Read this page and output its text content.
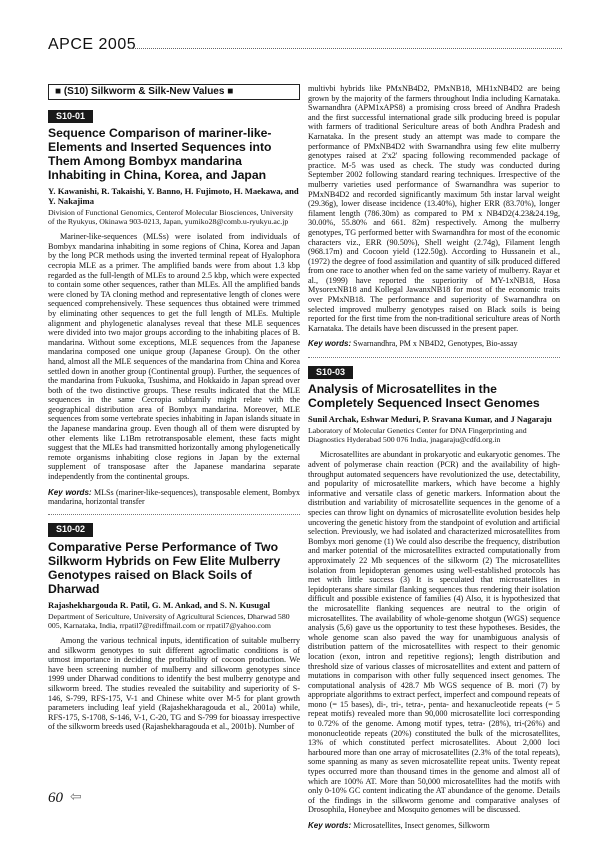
APCE 2005
■ (S10) Silkworm & Silk-New Values ■
S10-01
Sequence Comparison of mariner-like-Elements and Inserted Sequences into Them Among Bombyx mandarina Inhabiting in China, Korea, and Japan
Y. Kawanishi, R. Takaishi, Y. Banno, H. Fujimoto, H. Maekawa, and Y. Nakajima
Division of Functional Genomics, Centerof Molecular Biosciences, University of the Ryukyus, Okinawa 903-0213, Japan, yumiko28@comb.u-ryukyu.ac.jp

Mariner-like-sequences (MLSs) were isolated from individuals of Bombyx mandarina inhabiting in some regions of China, Korea and Japan by the long PCR methods using the inverted terminal repeat of Hyalophora cecropia MLE as a primer. The amplified bands were from about 1.3 kbp regarded as the full-length of MLEs to around 2.5 kbp, which were expected to contain some other sequences, rather than MLEs. All the amplified bands were cloned by TA cloning method and representative length of clones were sequenced comprehensively. These sequences thus obtained were trimmed by eliminating other sequences to get the full length of MLEs. Multiple alignment and phylogenetic alanalyses reveal that these MLE sequences were divided into two major groups according to the inhabiting places of B. mandarina. Without some exceptions, MLE sequences from the Japanese mandarina composed one unique group (Japanese Group). On the other hand, almost all the MLE sequences of the mandarina from China and Korea settled down in another group (Continental group). Further, the sequences of the mandarina from Fukuoka, Tsushima, and Hokkaido in Japan spread over both of the two distinctive groups. These results indicated that the MLE sequences in the same Cecropia subfamily might relate with the geographical distribution area of Bombyx mandarina. Moreover, MLE sequences from some vertebrate species inhabiting in Japan islands situate in the Japanese mandarina group. Even though all of them were disrupted by other elements like L1Bm retrotransposable element, these facts might suggest that the MLEs had transmitted horizontally among phylogenetically remote organisms inhabiting close regions in Japan by the external supplement of transposase after the Japanese mandarina separate independently from the continental groups.

Key words: MLSs (mariner-like-sequences), transposable element, Bombyx mandarina, horizontal transfer
S10-02
Comparative Perse Performance of Two Silkworm Hybrids on Few Elite Mulberry Genotypes raised on Black Soils of Dharwad
Rajashekhargouda R. Patil, G. M. Ankad, and S. N. Kusugal
Department of Sericulture, University of Agricultural Sciences, Dharwad 580 005, Karnataka, India, rrpatil7@rediffmail.com or rrpatil7@yahoo.com

Among the various technical inputs, identification of suitable mulberry and silkworm genotypes to suit different agroclimatic conditions is of utmost importance in deciding the profitability of cocoon production. We have been screening number of mulberry and silkworm genotypes since 1999 under Dharwad conditions to identify the best mulberry genotype and silkworm breed. The studies revealed the suitability and superiority of S-146, S-799, RFS-175, V-1 and Chinese white over M-5 for plant growth parameters including leaf yield (Rajashekharagouda et al., 2001a) while, RFS-175, S-1708, S-146, V-1, C-20, TG and S-799 for bioassay irrespective of the silkworm breeds used (Rajashekharagouda et al., 2001b). Number of

multivbi hybrids like PMxNB4D2, PMxNB18, MH1xNB4D2 are being grown by the majority of the farmers throughout India including Karnataka. Swarnandhra (APM1xAPS8) a promising cross breed of Andhra Pradesh and the first successful international grade silk producing breed is popular with farmers of traditional Sericulture areas of both Andhra Pradesh and Karnataka. In the present study an attempt was made to compare the performance of PMxNB4D2 with Swarnandhra using few elite mulberry genotypes raised at 2'x2' spacing following recommended package of practice. M-5 was used as check. The study was conducted during September 2002 following standard rearing techniques. Irrespective of the mulberry varieties used performance of Swarnandhra was superior to PMxNB4D2 and recorded significantly maximum 5th instar larval weight (29.36g), lower disease incidence (13.40%), higher ERR (83.70%), longer filament length (786.30m) as compared to PM x NB4D2(4.23&24.19g, 30.00%, 55.80% and 661. 82m) respectively. Among the mulberry genotypes, TG performed better with Swarnandhra for most of the economic characters viz., ERR (90.50%), Shell weight (2.74g), Filament length (968.17m) and Cocoon yield (122.50g). According to Hussanein et al., (1972) the degree of food assimilation and quantity of silk produced differed from one race to another when fed on the same variety of mulberry. Rayar et al., (1999) have reported the superiority of MY-1xNB18, Hosa MysorexNB18 and Kollegal JawanxNB18 for most of the economic traits over PMxNB18. The performance and superiority of Swarnandhra on selected improved mulberry genotypes raised on Black soils is being reported for the first time from the non-traditional sericulture areas of North Karnataka. The details have been discussed in the present paper.

Key words: Swarnandhra, PM x NB4D2, Genotypes, Bio-assay
S10-03
Analysis of Microsatellites in the Completely Sequenced Insect Genomes
Sunil Archak, Eshwar Meduri, P. Sravana Kumar, and J Nagaraju
Laboratory of Molecular Genetics Center for DNA Fingerprinting and Diagnostics Hyderabad 500 076 India, jnagaraju@cdfd.org.in

Microsatellites are abundant in prokaryotic and eukaryotic genomes. The advent of polymerase chain reaction (PCR) and the availability of high-throughput automated sequencers have revolutionized the use, detectability, and popularity of microsatellite markers, which have become a highly informative and versatile class of genetic markers. Information about the distribution and variability of microsatellite sequences in the genome of a species can throw light on dynamics of microsatellite evolution besides help uncovering the genetic history from the standpoint of evolution and artificial selection. Previously, we had isolated and characterized microsatellites from Bombyx mori genome (1) We could also describe the frequency, distribution and marker potential of the microsatellites extracted computationally from approximately 22 Mb sequences of the silkworm (2) The microsatellites isolation from lepidopteran genomes using well-established protocols has met with little success (3) It is speculated that microsatellites in lepidopterans share similar flanking sequences thus rendering their isolation difficult and possible existence of families (4) Also, it is hypothesized that the microsatellite flanking sequences are neutral to the origin of microsatellites. The availability of whole-genome shotgun (WGS) sequence analysis (5,6) gave us the opportunity to test these hypotheses. Besides, the whole genome scan also paved the way for unambiguous analysis of distribution pattern of the microsatellites with respect to their genomic location (exon, intron and repetitive regions); length distribution and threshold size of various classes of microsatellites and extent and pattern of mutations in comparison with other fully sequenced insect genomes. The computational analysis of 428.7 Mb WGS sequence of B. mori (7) by appropriate algorithms to extract perfect, imperfect and compound repeats of mono (= 15 bases), di-, tri-, tetra-, penta- and hexanucleotide repeats (= 5 repeat motifs) revealed more than 90,000 microsatellite loci corresponding to 0.72% of the genome. Among motif types, tetra- (28%), tri-(26%) and mononucleotide repeats (20%) constituted the bulk of the microsatellites, 13% of which constituted perfect microsatellites. About 2,000 loci harboured more than one array of microsatellites (2.3% of the total repeats), some spanning as many as seven microsatellite repeat units. Twenty repeat types occurred more than thousand times in the genome and almost all of which are 100% AT. More than 50,000 microsatellites had the motifs with only 0-10% GC content indicating the AT abundance of the genome. Details of the findings in the silkworm genome and comparative analyses of Drosophila, Honeybee and Mosquito genomes will be discussed.

Key words: Microsatellites, Insect genomes, Silkworm
60 ⇦
